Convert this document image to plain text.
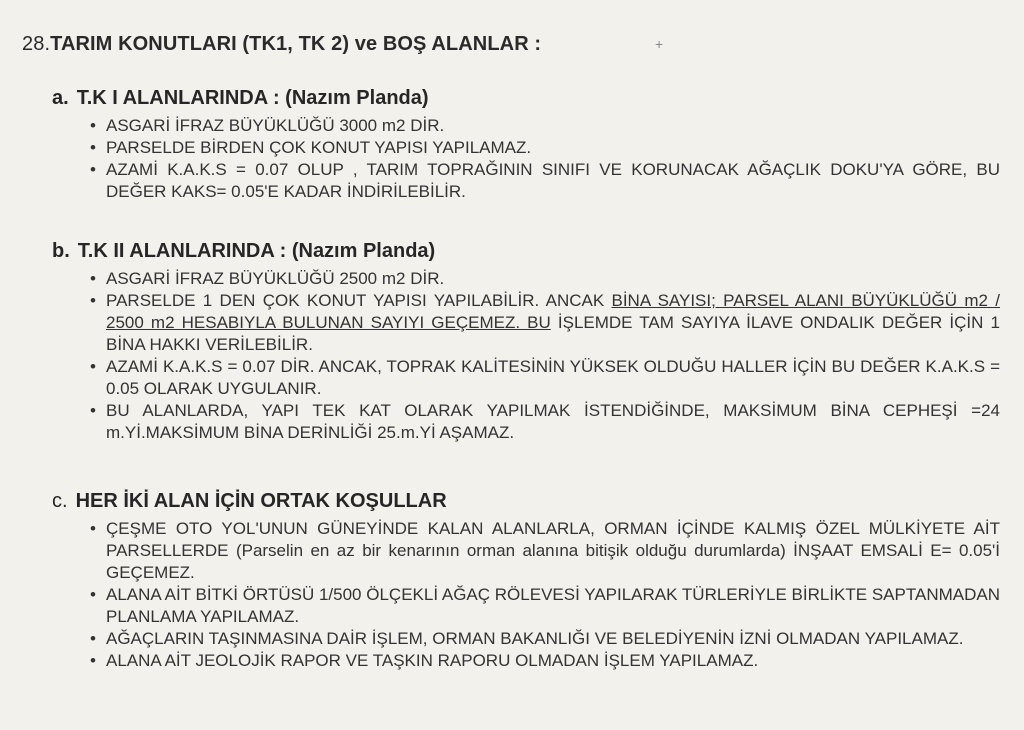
28.TARIM KONUTLARI (TK1, TK 2) ve BOŞ ALANLAR :
a. T.K I ALANLARINDA : (Nazım Planda)
• ASGARİ İFRAZ BÜYÜKLÜĞÜ 3000 m2 DİR.
• PARSELDE BİRDEN ÇOK KONUT YAPISI YAPILAMAZ.
• AZAMİ K.A.K.S = 0.07 OLUP , TARIM TOPRAĞININ SINIFI VE KORUNACAK AĞAÇLIK DOKU'YA GÖRE, BU DEĞER KAKS= 0.05'E KADAR İNDİRİLEBİLİR.
b. T.K II ALANLARINDA : (Nazım Planda)
• ASGARİ İFRAZ BÜYÜKLÜĞÜ 2500 m2 DİR.
• PARSELDE 1 DEN ÇOK KONUT YAPISI YAPILABİLİR. ANCAK BİNA SAYISI; PARSEL ALANI BÜYÜKLÜĞÜ m2 / 2500 m2 HESABIYLA BULUNAN SAYIYI GEÇEMEZ. BU İŞLEMDE TAM SAYIYA İLAVE ONDALIK DEĞER İÇİN 1 BİNA HAKKI VERİLEBİLİR.
• AZAMİ K.A.K.S = 0.07 DİR. ANCAK, TOPRAK KALİTESİNİN YÜKSEK OLDUĞU HALLER İÇİN BU DEĞER K.A.K.S = 0.05 OLARAK UYGULANIR.
• BU ALANLARDA, YAPI TEK KAT OLARAK YAPILMAK İSTENDİĞİNDE, MAKSİMUM BİNA CEPHEŞİ =24 m.Yİ.MAKSİMUM BİNA DERİNLİĞİ 25.m.Yİ AŞAMAZ.
c. HER İKİ ALAN İÇİN ORTAK KOŞULLAR
• ÇEŞME OTO YOL'UNUN GÜNEYİNDE KALAN ALANLARLA, ORMAN İÇİNDE KALMIŞ ÖZEL MÜLKİYETE AİT PARSELLERDE (Parselin en az bir kenarının orman alanına bitişik olduğu durumlarda) İNŞAAT EMSALİ E= 0.05'İ GEÇEMEZ.
• ALANA AİT BİTKİ ÖRTÜSÜ 1/500 ÖLÇEKLİ AĞAÇ RÖLEVESİ YAPILARAK TÜRLERİYLE BİRLİKTE SAPTANMADAN PLANLAMA YAPILAMAZ.
• AĞAÇLARIN TAŞINMASINA DAİR İŞLEM, ORMAN BAKANLIĞI VE BELEDİYENİN İZNİ OLMADAN YAPILAMAZ.
• ALANA AİT JEOLOJİK RAPOR VE TAŞKIN RAPORU OLMADAN İŞLEM YAPILAMAZ.
+
